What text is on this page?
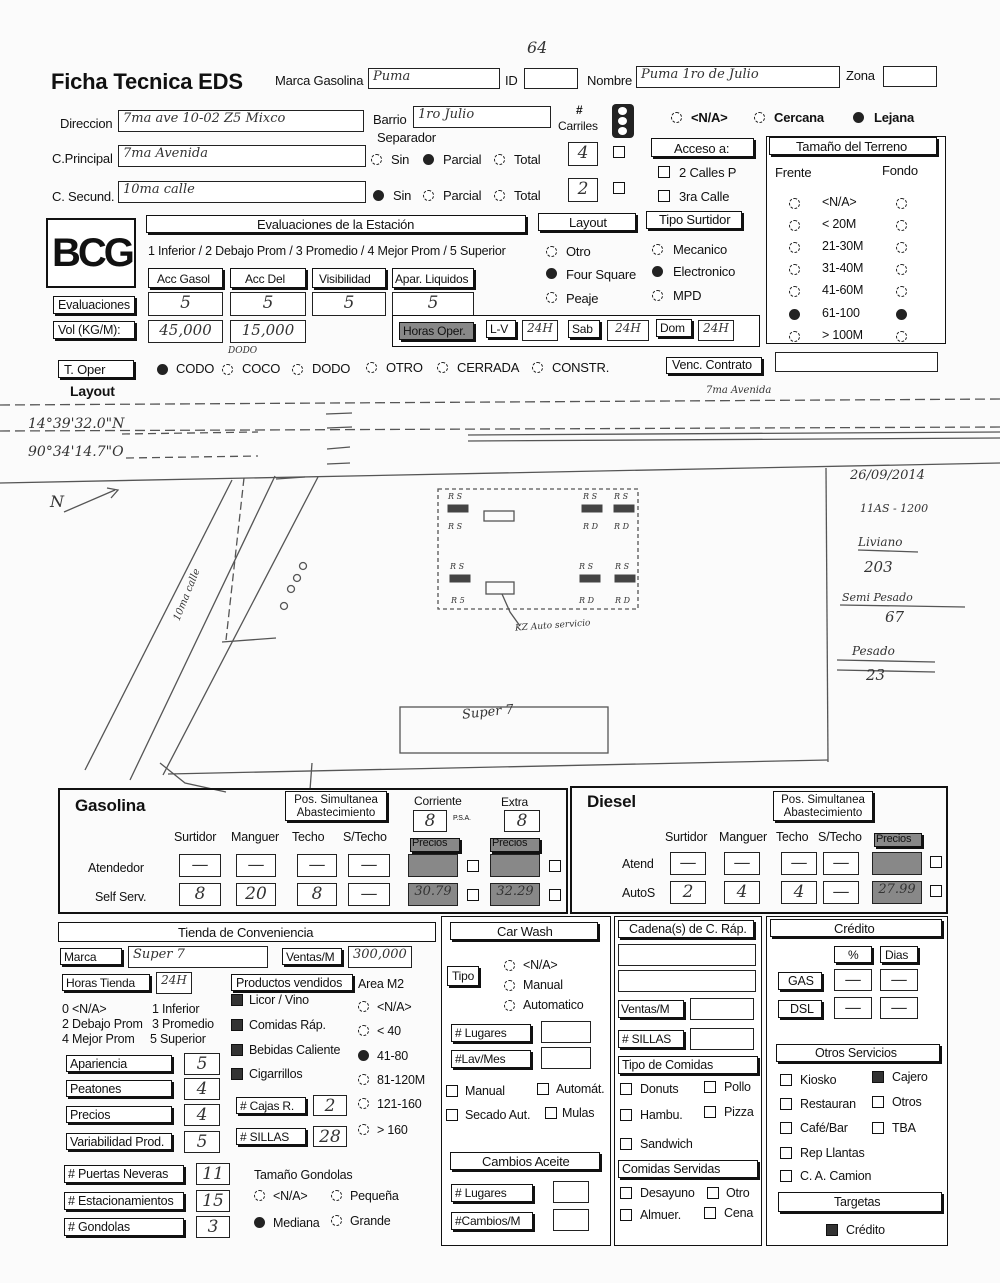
64
Ficha Tecnica EDS Marca Gasolina Puma	ID	Nombre Puma 1ro de Julio	Zona
Direccion 7ma ave 10-02 Z5 Mixco	Barrio 1ro Julio	#
Carriles
Separador
C.Principal 7ma Avenida	Sin	Parcial	Total	4
C. Secund. 10ma calle	Sin Parcial	Total	2
<N/A>	Cercana	Lejana
Acceso a:
2 Calles P
3ra Calle
Tamaño del Terreno
Frente	Fondo
BCG
Evaluaciones de la Estación
1 Inferior / 2 Debajo Prom / 3 Promedio / 4 Mejor Prom / 5 Superior
Acc Gasol	Acc Del	Visibilidad Apar. Liquidos
Evaluaciones	5	5	5	5
Vol (KG/M):	45,000	15,000
Layout
Otro
Four Square
Peaje
Tipo Surtidor
Mecanico
Electronico
MPD
Horas Oper. L-V	24H	Sab	24H	Dom	24H
T. Oper	CODO COCO
DODO
DODO	OTRO	CERRADA	CONSTR.	Venc. Contrato
Layout	7ma Avenida
10ma calle
14°39'32.0"N
90°34'14.7"O
N
26/09/2014
11AS - 1200
Liviano
203
Semi Pesado
67
Pesado
23
Super 7
KZ Auto servicio
Gasolina	Pos. Simultanea Abastecimiento
Corriente	Extra
8	P.S.A.	8
Diesel	Pos. Simultanea Abastecimiento
Tienda de Conveniencia
Marca	Super 7	Ventas/M	300,000
Horas Tienda	24H	Productos vendidos Area M2
Car Wash
Tipo
<N/A>
Manual
Automatico
# Lugares
#Lav/Mes
Manual	Automát.
Secado Aut.	Mulas
Cambios Aceite
# Lugares
#Cambios/M
Cadena(s) de C. Ráp.
Ventas/M
# SILLAS
Tipo de Comidas
Donuts	Pollo
Hambu.	Pizza
Sandwich
Comidas Servidas
Desayuno	Otro
Almuer.	Cena
Crédito
% Dias
GAS	—	—
DSL	—	—
Otros Servicios
Targetas
Crédito
<N/A>
< 20M
21-30M
31-40M
41-60M
61-100
> 100M
R S
R S
R S
R D
R S
R D
R S
R 5
R S
R D
R S
R D
Surtidor Manguer Techo S/Techo Precios	Precios
Atendedor	—	—	—	—
Self Serv.	8	20	8	—	30.79	32.29
Surtidor Manguer Techo S/Techo Precios
Atend	—	—	—	—
AutoS	2	4	4	—	27.99
Licor / Vino
Comidas Ráp.
Bebidas Caliente
Cigarrillos
<N/A>
< 40
41-80
81-120M
121-160
> 160
0 <N/A>	1 Inferior
2 Debajo Prom 3 Promedio
4 Mejor Prom 5 Superior
Apariencia	5
Peatones	4
Precios	4
Variabilidad Prod.	5
# Cajas R.	2
# SILLAS	28
# Puertas Neveras	11
# Estacionamientos	15
# Gondolas	3
Tamaño Gondolas
<N/A>	Pequeña
Mediana Grande
Kiosko	Cajero
Restauran	Otros
Café/Bar	TBA
Rep Llantas
C. A. Camion
